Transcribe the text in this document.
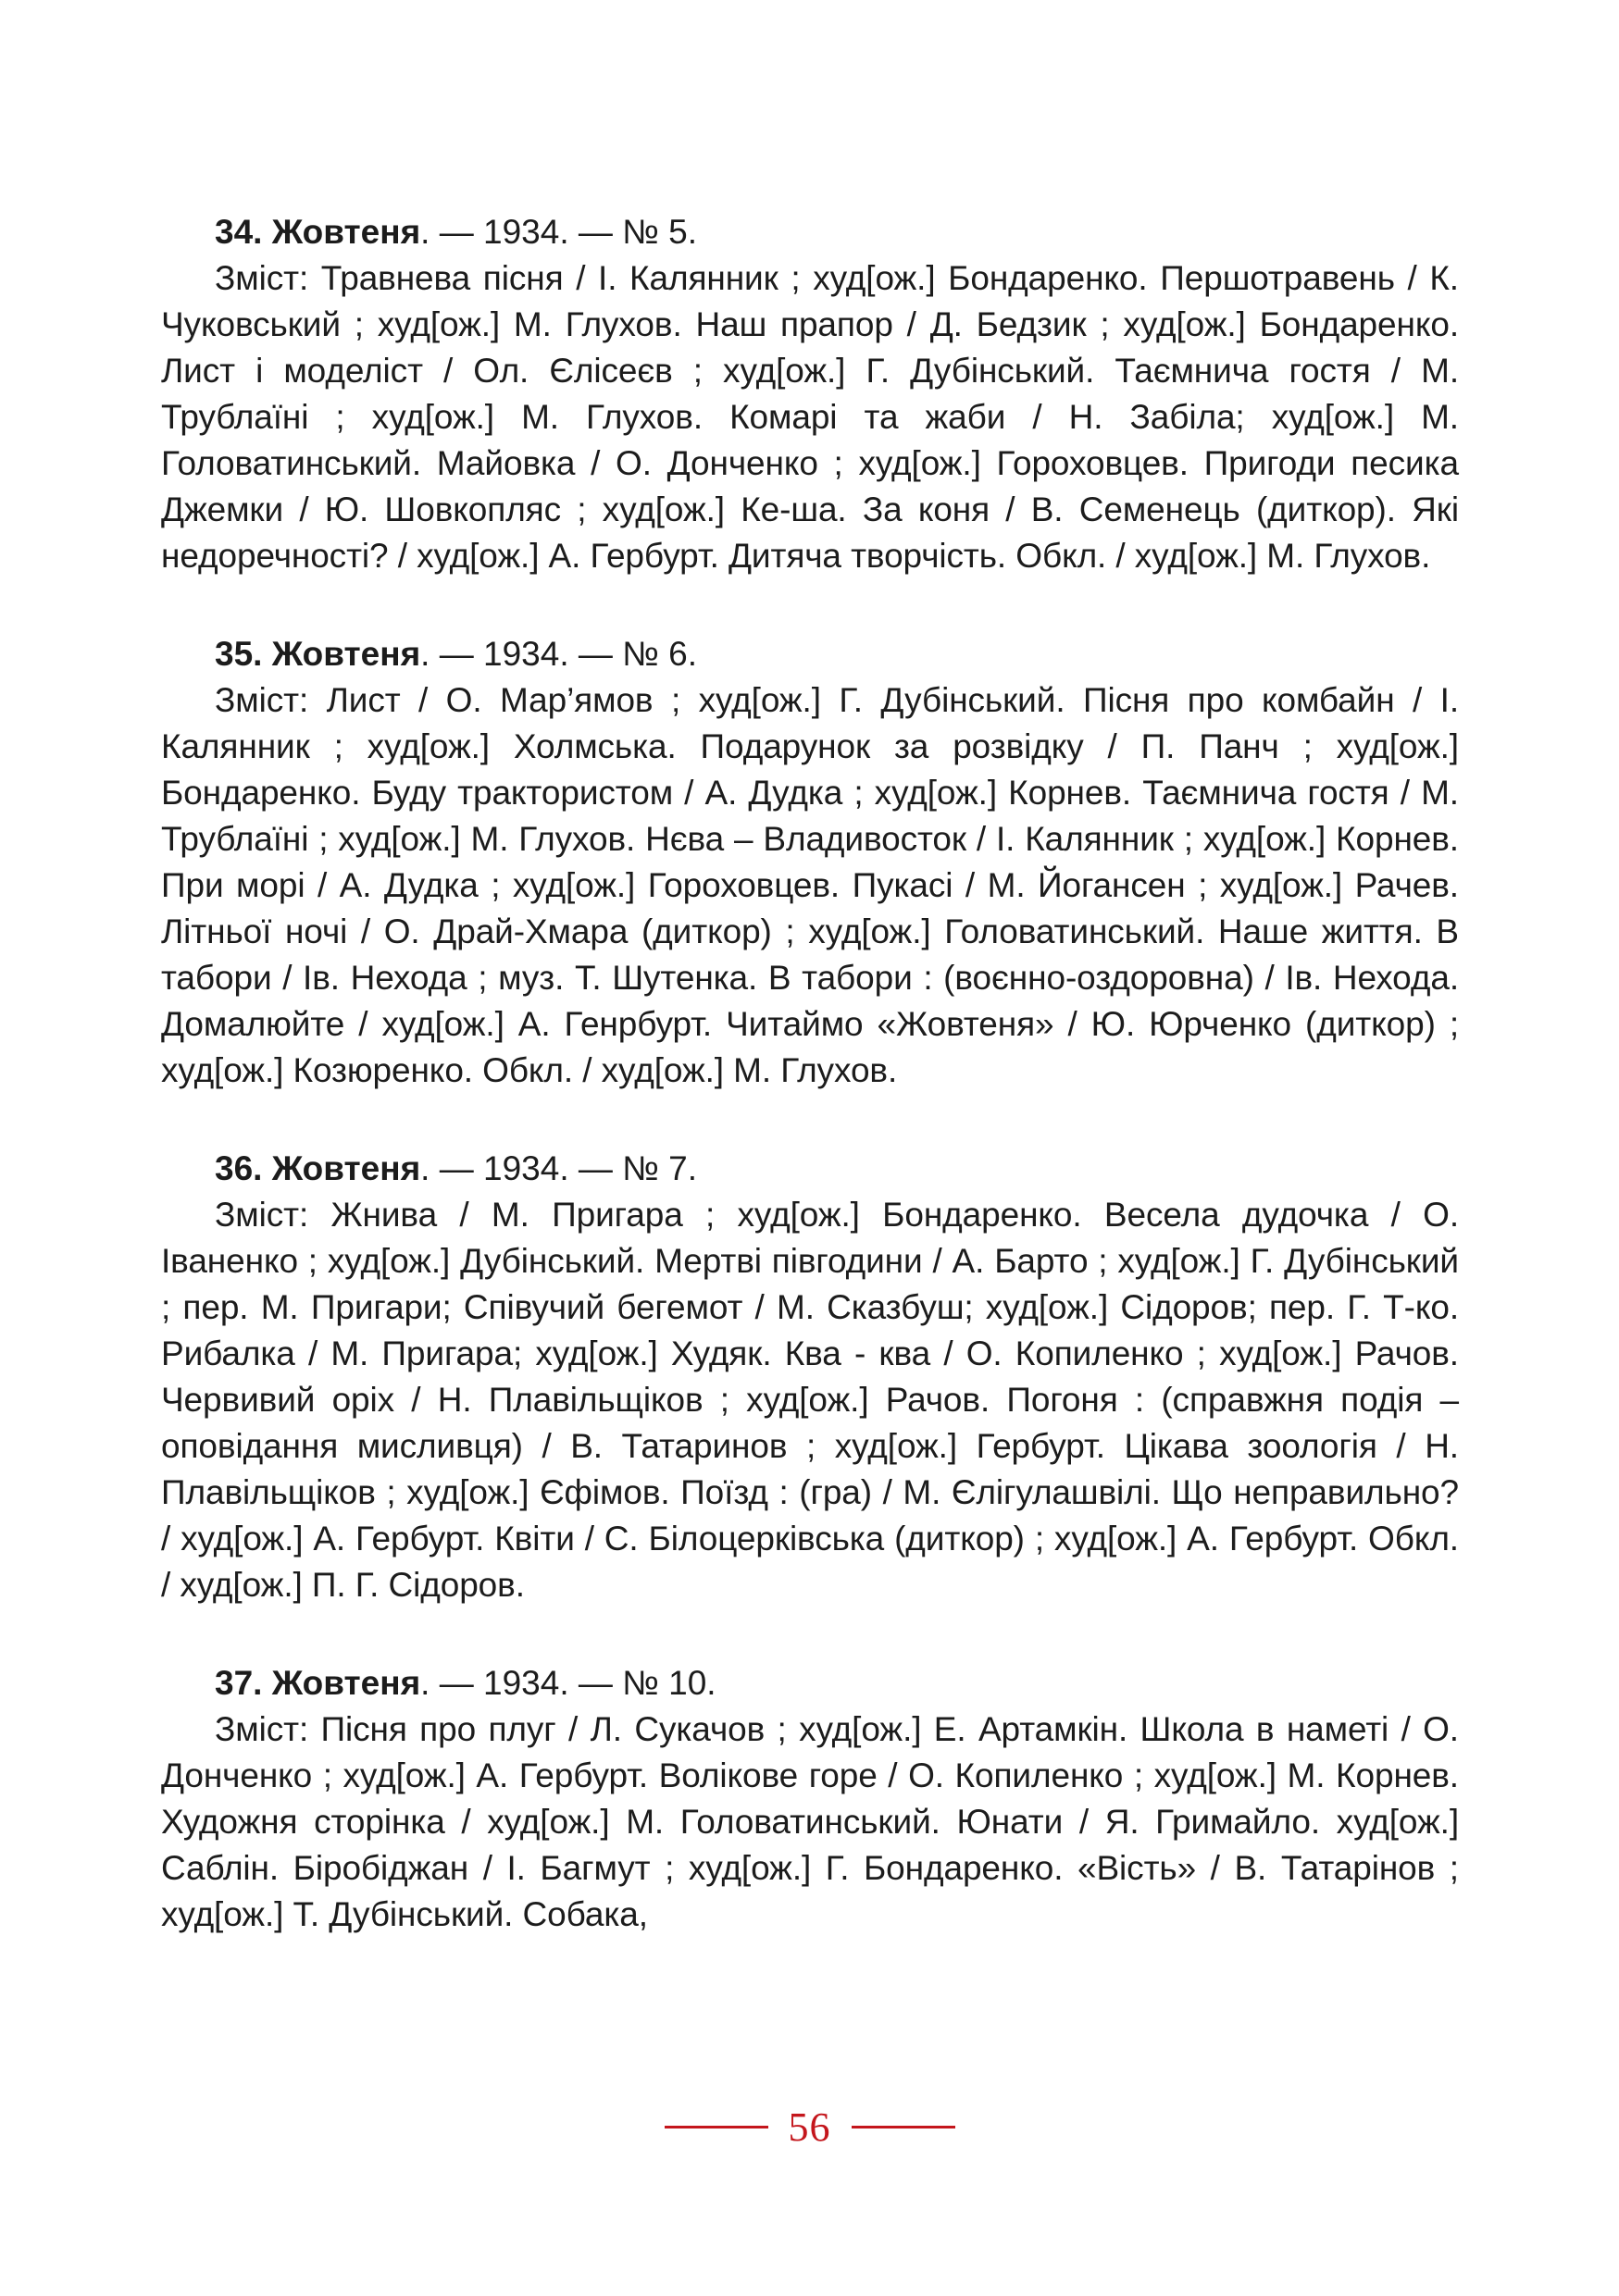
34. Жовтеня. — 1934. — № 5.

Зміст: Травнева пісня / І. Калянник ; худ[ож.] Бондаренко. Першотравень / К. Чуковський ; худ[ож.] М. Глухов. Наш прапор / Д. Бедзик ; худ[ож.] Бондаренко. Лист і моделіст / Ол. Єлісеєв ; худ[ож.] Г. Дубінський. Таємнича гостя / М. Трублаїні ; худ[ож.] М. Глухов. Комарі та жаби / Н. Забіла; худ[ож.] М. Головатинський. Майовка / О. Донченко ; худ[ож.] Гороховцев. Пригоди песика Джемки / Ю. Шовкопляс ; худ[ож.] Ке-ша. За коня / В. Семенець (диткор). Які недоречності? / худ[ож.] А. Гербурт. Дитяча творчість. Обкл. / худ[ож.] М. Глухов.

35. Жовтеня. — 1934. — № 6.

Зміст: Лист / О. Мар’ямов ; худ[ож.] Г. Дубінський. Пісня про комбайн / І. Калянник ; худ[ож.] Холмська. Подарунок за розвідку / П. Панч ; худ[ож.] Бондаренко. Буду трактористом / А. Дудка ; худ[ож.] Корнев. Таємнича гостя / М. Трублаїні ; худ[ож.] М. Глухов. Нєва – Владивосток / І. Калянник ; худ[ож.] Корнев. При морі / А. Дудка ; худ[ож.] Гороховцев. Пукасі / М. Йогансен ; худ[ож.] Рачев. Літньої ночі / О. Драй-Хмара (диткор) ; худ[ож.] Головатинський. Наше життя. В табори / Ів. Нехода ; муз. Т. Шутенка. В табори : (воєнно-оздоровна) / Ів. Нехода. Домалюйте / худ[ож.] А. Генрбурт. Читаймо «Жовтеня» / Ю. Юрченко (диткор) ; худ[ож.] Козюренко. Обкл. / худ[ож.] М. Глухов.

36. Жовтеня. — 1934. — № 7.

Зміст: Жнива / М. Пригара ; худ[ож.] Бондаренко. Весела дудочка / О. Іваненко ; худ[ож.] Дубінський. Мертві півгодини / А. Барто ; худ[ож.] Г. Дубінський ; пер. М. Пригари; Співучий бегемот / М. Сказбуш; худ[ож.] Сідоров; пер. Г. Т-ко. Рибалка / М. Пригара; худ[ож.] Худяк. Ква - ква / О. Копиленко ; худ[ож.] Рачов. Червивий оріх / Н. Плавільщіков ; худ[ож.] Рачов. Погоня : (справжня подія – оповідання мисливця) / В. Татаринов ; худ[ож.] Гербурт. Цікава зоологія / Н. Плавільщіков ; худ[ож.] Єфімов. Поїзд : (гра) / М. Єлігулашвілі. Що неправильно? / худ[ож.] А. Гербурт. Квіти / С. Білоцерківська (диткор) ; худ[ож.] А. Гербурт. Обкл. / худ[ож.] П. Г. Сідоров.

37. Жовтеня. — 1934. — № 10.

Зміст: Пісня про плуг / Л. Сукачов ; худ[ож.] Е. Артамкін. Школа в наметі / О. Донченко ; худ[ож.] А. Гербурт. Волікове горе / О. Копиленко ; худ[ож.] М. Корнев. Художня сторінка / худ[ож.] М. Головатинський. Юнати / Я. Гримайло. худ[ож.] Саблін. Біробіджан / І. Багмут ; худ[ож.] Г. Бондаренко. «Вість» / В. Татарінов ; худ[ож.] Т. Дубінський. Собака,

56
